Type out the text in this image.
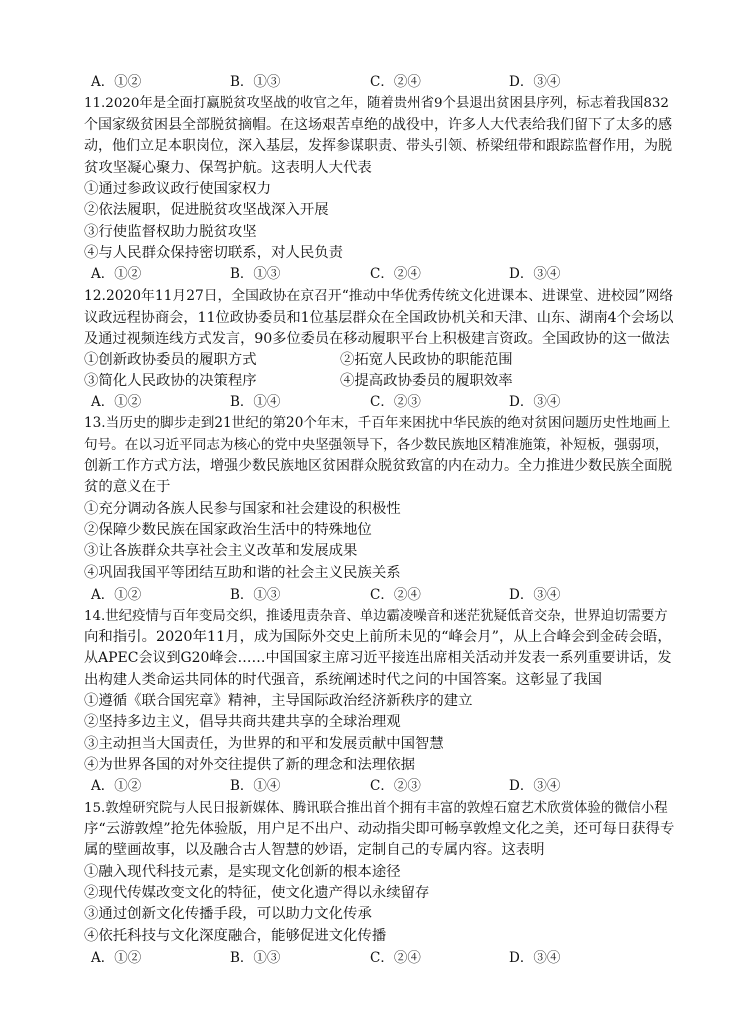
A．①②	B．①③	C．②④	D．③④
11.2020年是全面打赢脱贫攻坚战的收官之年，随着贵州省9个县退出贫困县序列，标志着我国832
个国家级贫困县全部脱贫摘帽。在这场艰苦卓绝的战役中，许多人大代表给我们留下了太多的感
动，他们立足本职岗位，深入基层，发挥参谋职责、带头引领、桥梁纽带和跟踪监督作用，为脱
贫攻坚凝心聚力、保驾护航。这表明人大代表
①通过参政议政行使国家权力
②依法履职，促进脱贫攻坚战深入开展
③行使监督权助力脱贫攻坚
④与人民群众保持密切联系，对人民负责
A．①②	B．①③	C．②④	D．③④
12.2020年11月27日，全国政协在京召开“推动中华优秀传统文化进课本、进课堂、进校园”网络
议政远程协商会，11位政协委员和1位基层群众在全国政协机关和天津、山东、湖南4个会场以
及通过视频连线方式发言，90多位委员在移动履职平台上积极建言资政。全国政协的这一做法
①创新政协委员的履职方式	②拓宽人民政协的职能范围
③简化人民政协的决策程序	④提高政协委员的履职效率
A．①②	B．①④	C．②③	D．③④
13.当历史的脚步走到21世纪的第20个年末，千百年来困扰中华民族的绝对贫困问题历史性地画上
句号。在以习近平同志为核心的党中央坚强领导下，各少数民族地区精准施策，补短板，强弱项，
创新工作方式方法，增强少数民族地区贫困群众脱贫致富的内在动力。全力推进少数民族全面脱
贫的意义在于
①充分调动各族人民参与国家和社会建设的积极性
②保障少数民族在国家政治生活中的特殊地位
③让各族群众共享社会主义改革和发展成果
④巩固我国平等团结互助和谐的社会主义民族关系
A．①②	B．①③	C．②④	D．③④
14.世纪疫情与百年变局交织，推诿甩责杂音、单边霸凌噪音和迷茫犹疑低音交杂，世界迫切需要方
向和指引。2020年11月，成为国际外交史上前所未见的“峰会月”，从上合峰会到金砖会晤，
从APEC会议到G20峰会……中国国家主席习近平接连出席相关活动并发表一系列重要讲话，发
出构建人类命运共同体的时代强音，系统阐述时代之问的中国答案。这彰显了我国
①遵循《联合国宪章》精神，主导国际政治经济新秩序的建立
②坚持多边主义，倡导共商共建共享的全球治理观
③主动担当大国责任，为世界的和平和发展贡献中国智慧
④为世界各国的对外交往提供了新的理念和法理依据
A．①②	B．①④	C．②③	D．③④
15.敦煌研究院与人民日报新媒体、腾讯联合推出首个拥有丰富的敦煌石窟艺术欣赏体验的微信小程
序“云游敦煌”抢先体验版，用户足不出户、动动指尖即可畅享敦煌文化之美，还可每日获得专
属的壁画故事，以及融合古人智慧的妙语，定制自己的专属内容。这表明
①融入现代科技元素，是实现文化创新的根本途径
②现代传媒改变文化的特征，使文化遗产得以永续留存
③通过创新文化传播手段，可以助力文化传承
④依托科技与文化深度融合，能够促进文化传播
A．①②	B．①③	C．②④	D．③④
